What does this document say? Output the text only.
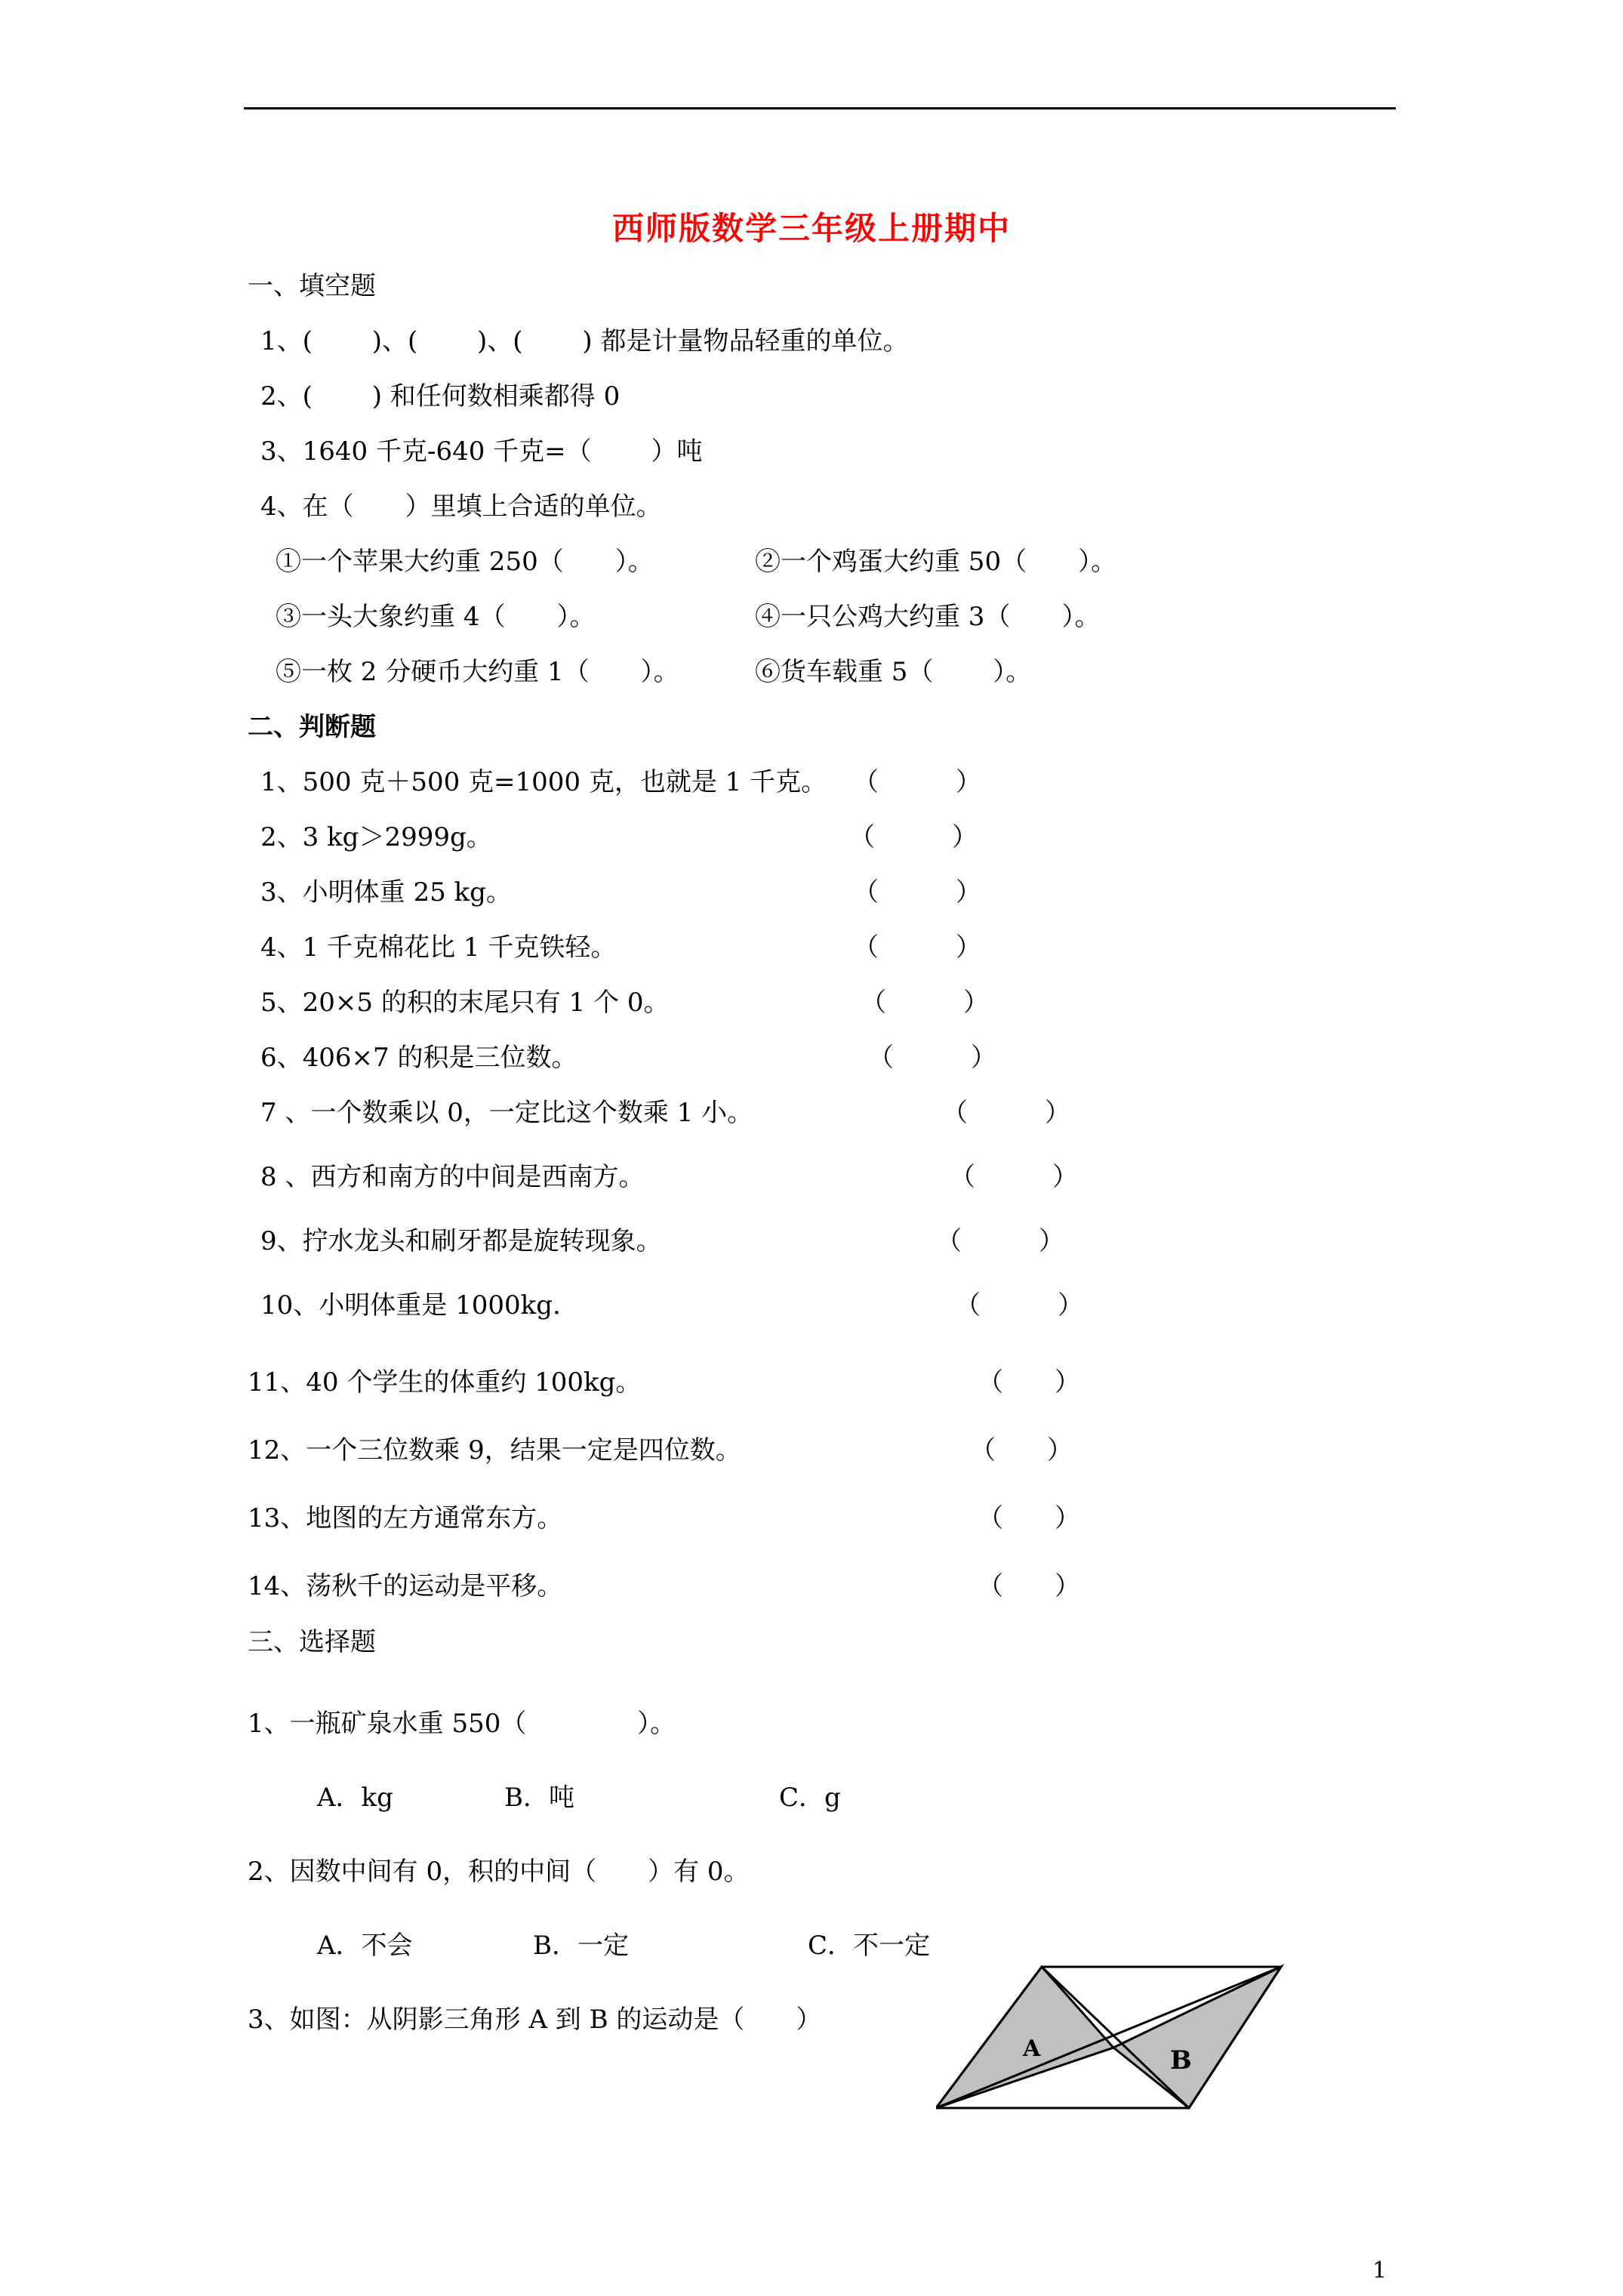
西师版数学三年级上册期中
一、填空题
1、(　　 )、(　　 )、(　　 ) 都是计量物品轻重的单位。
2、(　　 ) 和任何数相乘都得 0
3、1640 千克-640 千克=（　　 ）吨
4、在（　　）里填上合适的单位。
①一个苹果大约重 250（　　）。	②一个鸡蛋大约重 50（　　）。
③一头大象约重 4（　　）。	④一只公鸡大约重 3（　　）。
⑤一枚 2 分硬币大约重 1（　　）。	⑥货车载重 5（　　 ）。
二、判断题
1、500 克＋500 克=1000 克，也就是 1 千克。 （　　　）
2、3 kg＞2999g。	（　　　）
3、小明体重 25 kg。	（　　　）
4、1 千克棉花比 1 千克铁轻。	（　　　）
5、20×5 的积的末尾只有 1 个 0。	（　　　）
6、406×7 的积是三位数。	（　　　）
7 、一个数乘以 0，一定比这个数乘 1 小。	（　　　）
8 、西方和南方的中间是西南方。	（　　　）
9、拧水龙头和刷牙都是旋转现象。	（　　　）
10、小明体重是 1000kg.	（　　　）
11、40 个学生的体重约 100kg。	（　　）
12、一个三位数乘 9，结果一定是四位数。	（　　）
13、地图的左方通常东方。	（　　）
14、荡秋千的运动是平移。	（　　）
三、选择题
1、一瓶矿泉水重 550（　　　　 ）。
A．kg	B．吨	C．g
2、因数中间有 0，积的中间（　　）有 0。
A．不会	B．一定	C．不一定
3、如图：从阴影三角形 A 到 B 的运动是（　　）
A	B
1
